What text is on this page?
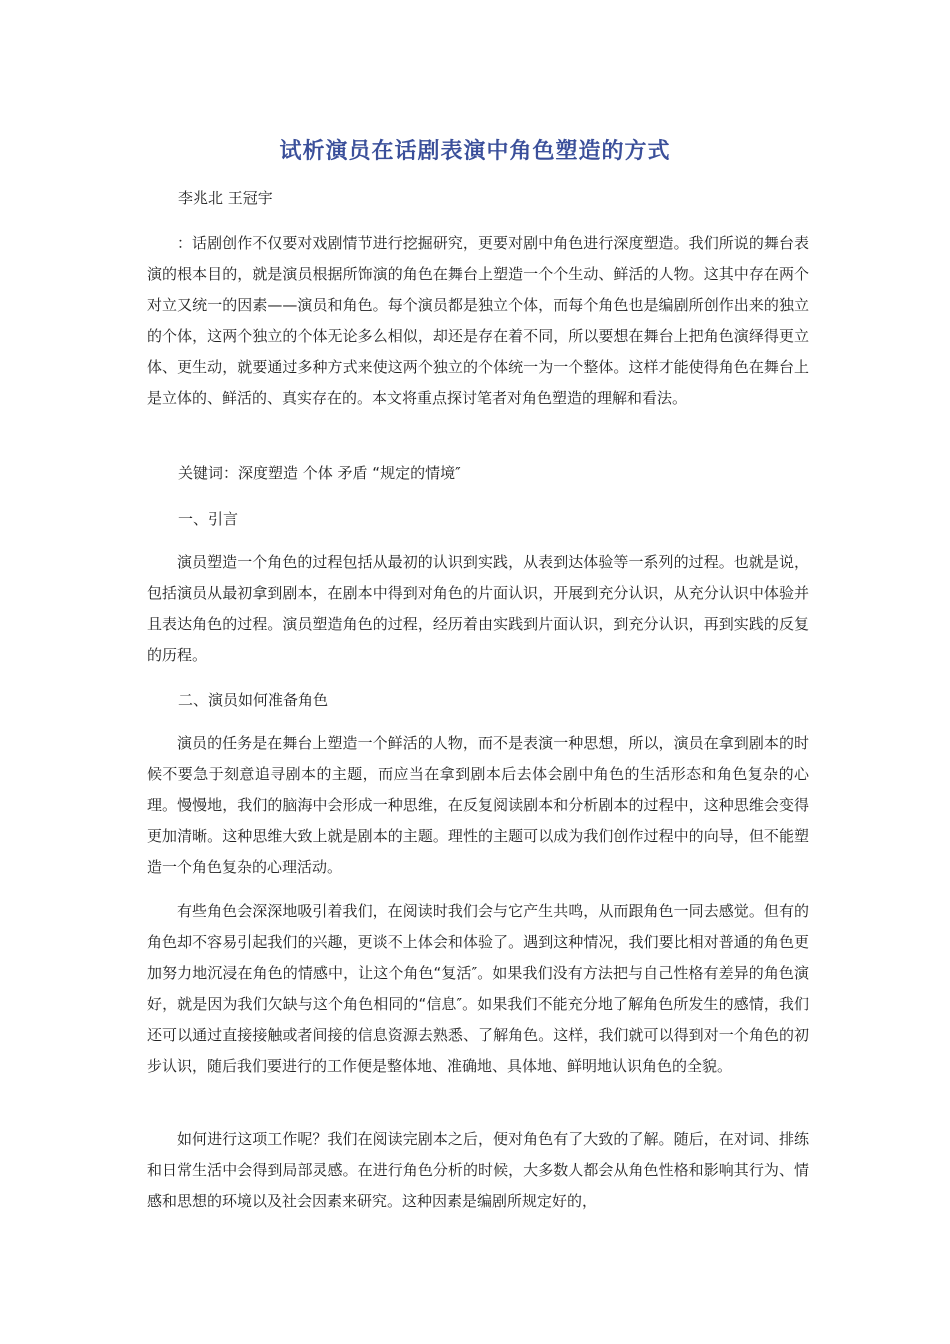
试析演员在话剧表演中角色塑造的方式
李兆北 王冠宇

：话剧创作不仅要对戏剧情节进行挖掘研究，更要对剧中角色进行深度塑造。我们所说的舞台表演的根本目的，就是演员根据所饰演的角色在舞台上塑造一个个生动、鲜活的人物。这其中存在两个对立又统一的因素——演员和角色。每个演员都是独立个体，而每个角色也是编剧所创作出来的独立的个体，这两个独立的个体无论多么相似，却还是存在着不同，所以要想在舞台上把角色演绎得更立体、更生动，就要通过多种方式来使这两个独立的个体统一为一个整体。这样才能使得角色在舞台上是立体的、鲜活的、真实存在的。本文将重点探讨笔者对角色塑造的理解和看法。

关键词：深度塑造 个体 矛盾 “规定的情境″
一、引言

演员塑造一个角色的过程包括从最初的认识到实践，从表到达体验等一系列的过程。也就是说，包括演员从最初拿到剧本，在剧本中得到对角色的片面认识，开展到充分认识，从充分认识中体验并且表达角色的过程。演员塑造角色的过程，经历着由实践到片面认识，到充分认识，再到实践的反复的历程。

二、演员如何准备角色

演员的任务是在舞台上塑造一个鲜活的人物，而不是表演一种思想，所以，演员在拿到剧本的时候不要急于刻意追寻剧本的主题，而应当在拿到剧本后去体会剧中角色的生活形态和角色复杂的心理。慢慢地，我们的脑海中会形成一种思维，在反复阅读剧本和分析剧本的过程中，这种思维会变得更加清晰。这种思维大致上就是剧本的主题。理性的主题可以成为我们创作过程中的向导，但不能塑造一个角色复杂的心理活动。

有些角色会深深地吸引着我们，在阅读时我们会与它产生共鸣，从而跟角色一同去感觉。但有的角色却不容易引起我们的兴趣，更谈不上体会和体验了。遇到这种情况，我们要比相对普通的角色更加努力地沉浸在角色的情感中，让这个角色“复活″。如果我们没有方法把与自己性格有差异的角色演好，就是因为我们欠缺与这个角色相同的“信息″。如果我们不能充分地了解角色所发生的感情，我们还可以通过直接接触或者间接的信息资源去熟悉、了解角色。这样，我们就可以得到对一个角色的初步认识，随后我们要进行的工作便是整体地、准确地、具体地、鲜明地认识角色的全貌。

如何进行这项工作呢？我们在阅读完剧本之后，便对角色有了大致的了解。随后，在对词、排练和日常生活中会得到局部灵感。在进行角色分析的时候，大多数人都会从角色性格和影响其行为、情感和思想的环境以及社会因素来研究。这种因素是编剧所规定好的，
